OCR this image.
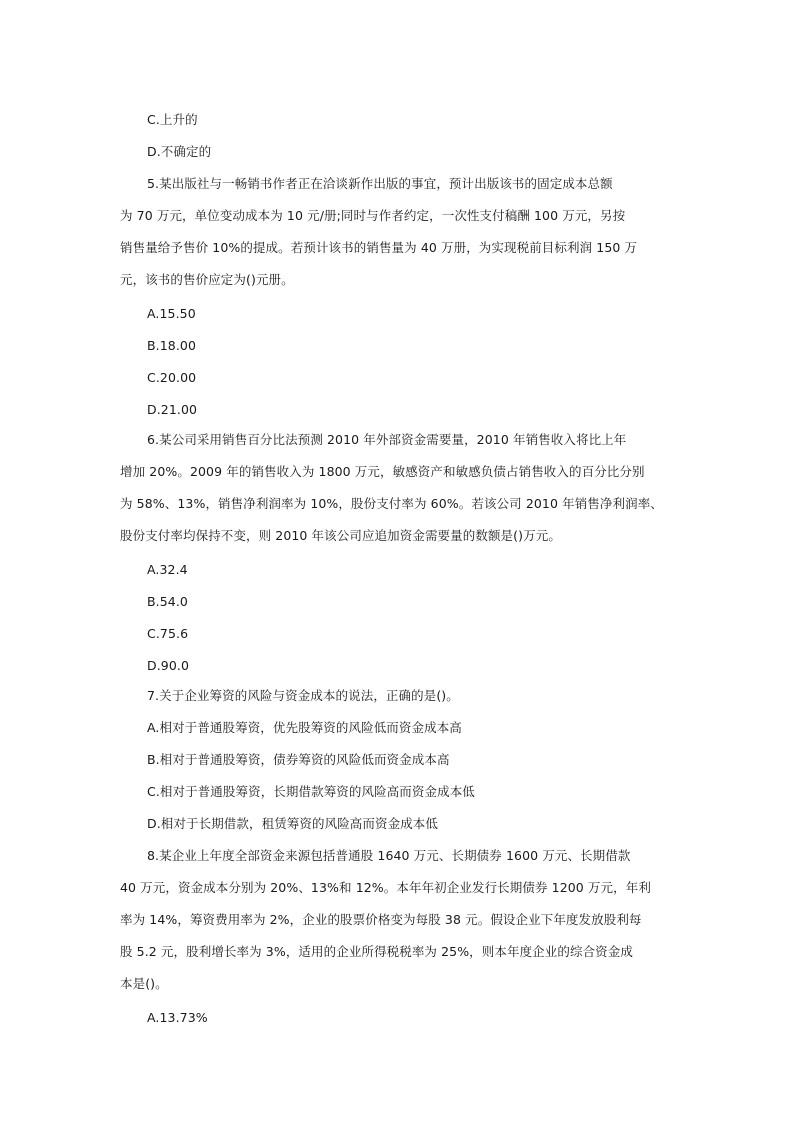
C.上升的
D.不确定的
5.某出版社与一畅销书作者正在洽谈新作出版的事宜，预计出版该书的固定成本总额
为 70 万元，单位变动成本为 10 元/册;同时与作者约定，一次性支付稿酬 100 万元，另按
销售量给予售价 10%的提成。若预计该书的销售量为 40 万册，为实现税前目标利润 150 万
元，该书的售价应定为()元册。
A.15.50
B.18.00
C.20.00
D.21.00
6.某公司采用销售百分比法预测 2010 年外部资金需要量，2010 年销售收入将比上年
增加 20%。2009 年的销售收入为 1800 万元，敏感资产和敏感负债占销售收入的百分比分别
为 58%、13%，销售净利润率为 10%，股份支付率为 60%。若该公司 2010 年销售净利润率、
股份支付率均保持不变，则 2010 年该公司应追加资金需要量的数额是()万元。
A.32.4
B.54.0
C.75.6
D.90.0
7.关于企业筹资的风险与资金成本的说法，正确的是()。
A.相对于普通股筹资，优先股筹资的风险低而资金成本高
B.相对于普通股筹资，债券筹资的风险低而资金成本高
C.相对于普通股筹资，长期借款筹资的风险高而资金成本低
D.相对于长期借款，租赁筹资的风险高而资金成本低
8.某企业上年度全部资金来源包括普通股 1640 万元、长期债券 1600 万元、长期借款
40 万元，资金成本分别为 20%、13%和 12%。本年年初企业发行长期债券 1200 万元，年利
率为 14%，筹资费用率为 2%，企业的股票价格变为每股 38 元。假设企业下年度发放股利每
股 5.2 元，股利增长率为 3%，适用的企业所得税税率为 25%，则本年度企业的综合资金成
本是()。
A.13.73%
